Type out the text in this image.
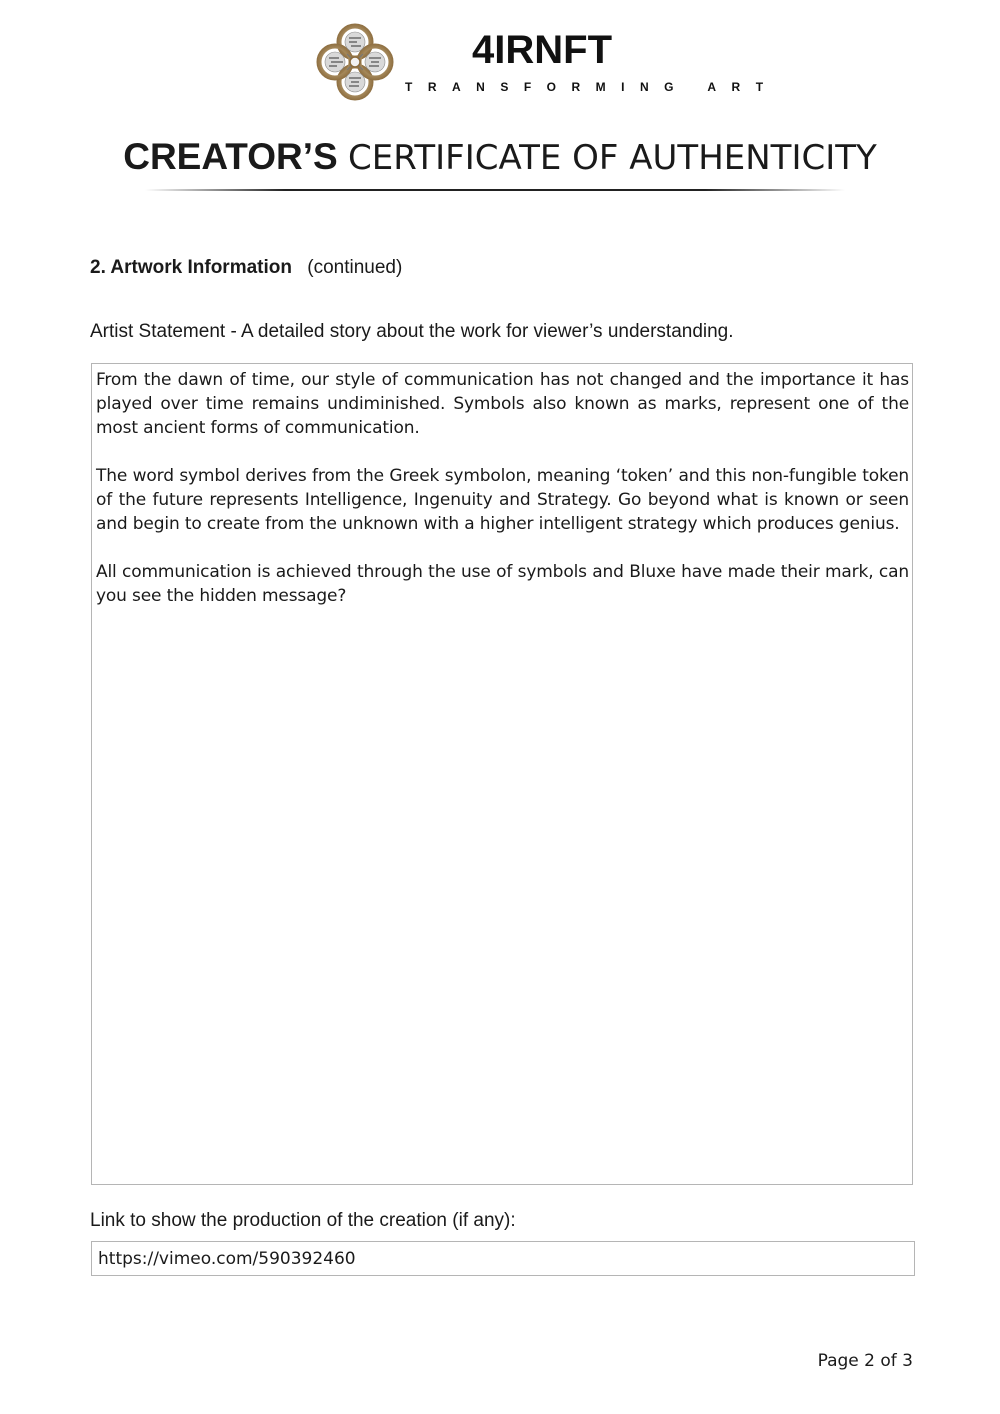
4IRNFT
TRANSFORMING ART
CREATOR’S CERTIFICATE OF AUTHENTICITY
2. Artwork Information (continued)
Artist Statement - A detailed story about the work for viewer’s understanding.

From the dawn of time, our style of communication has not changed and the importance it has played over time remains undiminished. Symbols also known as marks, represent one of the most ancient forms of communication.

The word symbol derives from the Greek symbolon, meaning ‘token’ and this non-fungible token of the future represents Intelligence, Ingenuity and Strategy. Go beyond what is known or seen and begin to create from the unknown with a higher intelligent strategy which produces genius.

All communication is achieved through the use of symbols and Bluxe have made their mark, can you see the hidden message?

Link to show the production of the creation (if any):
https://vimeo.com/590392460
Page 2 of 3
